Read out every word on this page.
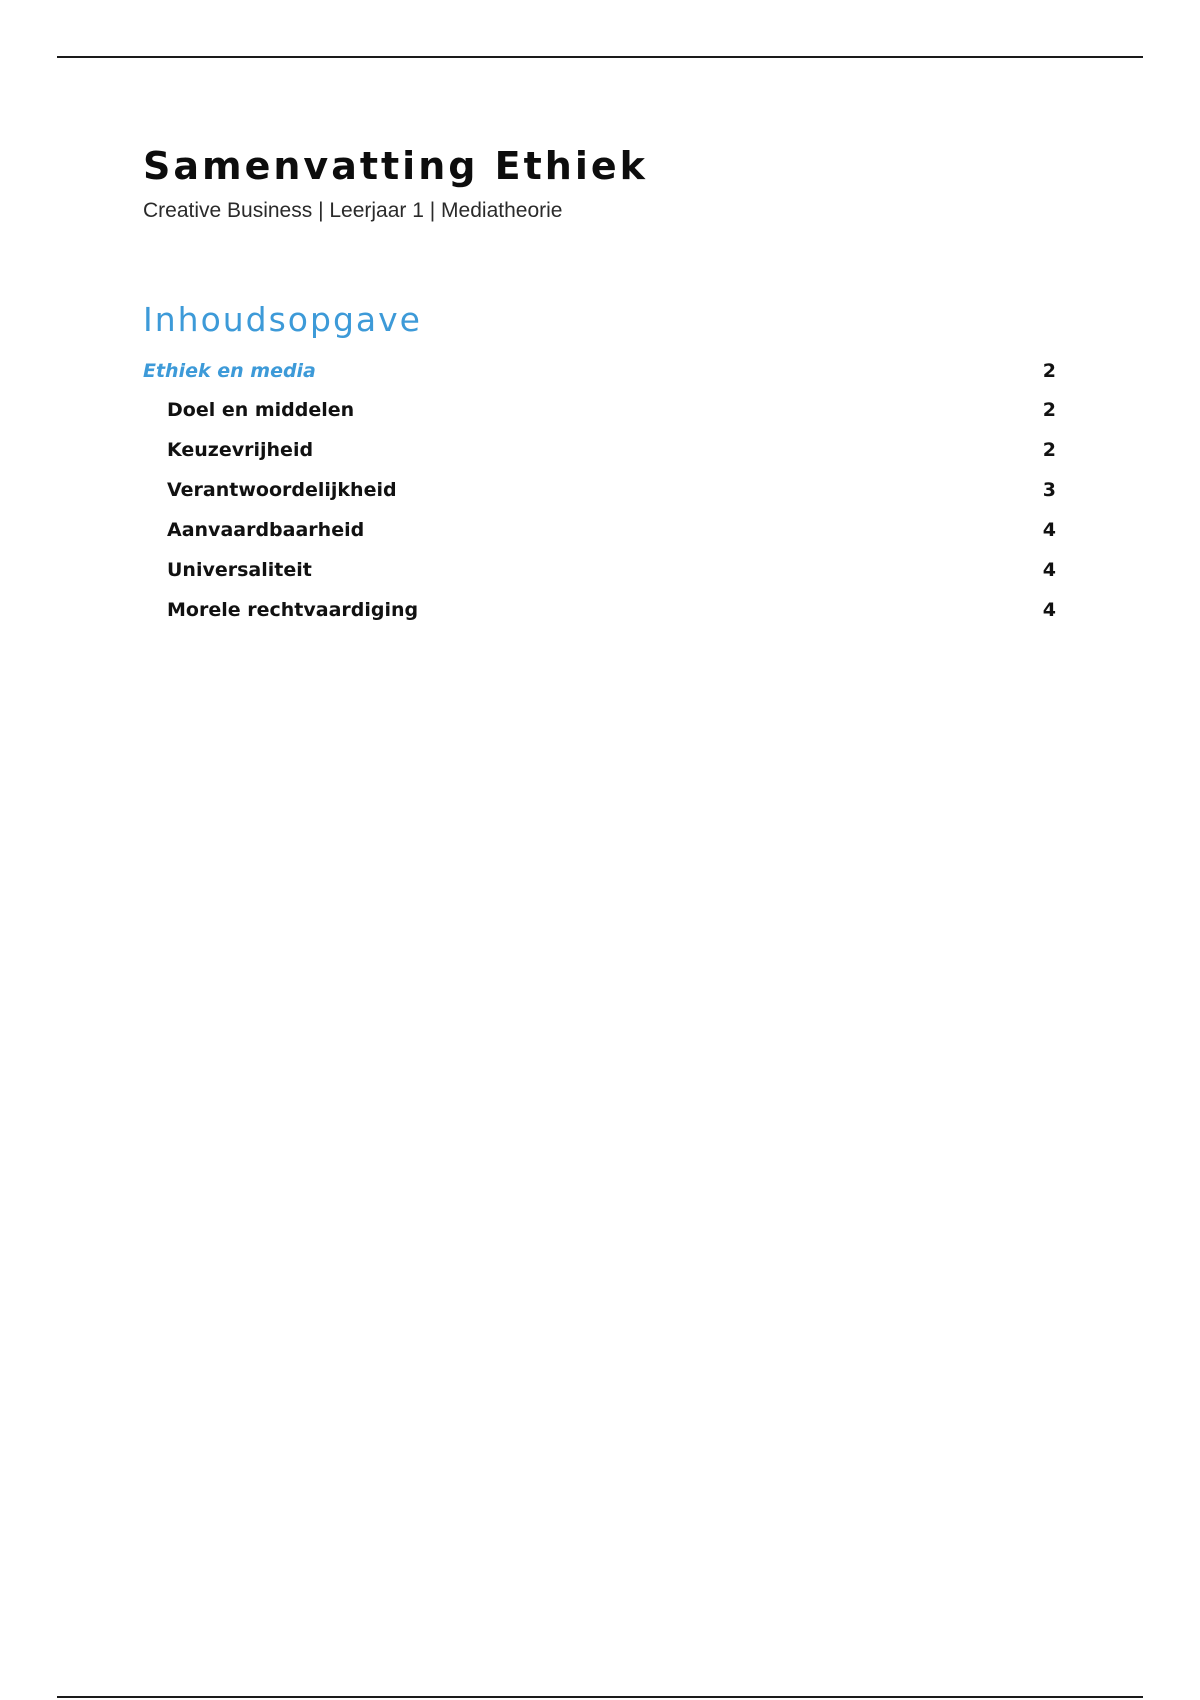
Samenvatting Ethiek

Creative Business | Leerjaar 1 | Mediatheorie

Inhoudsopgave
Ethiek en media	2
Doel en middelen	2
Keuzevrijheid	2
Verantwoordelijkheid	3
Aanvaardbaarheid	4
Universaliteit	4
Morele rechtvaardiging	4
